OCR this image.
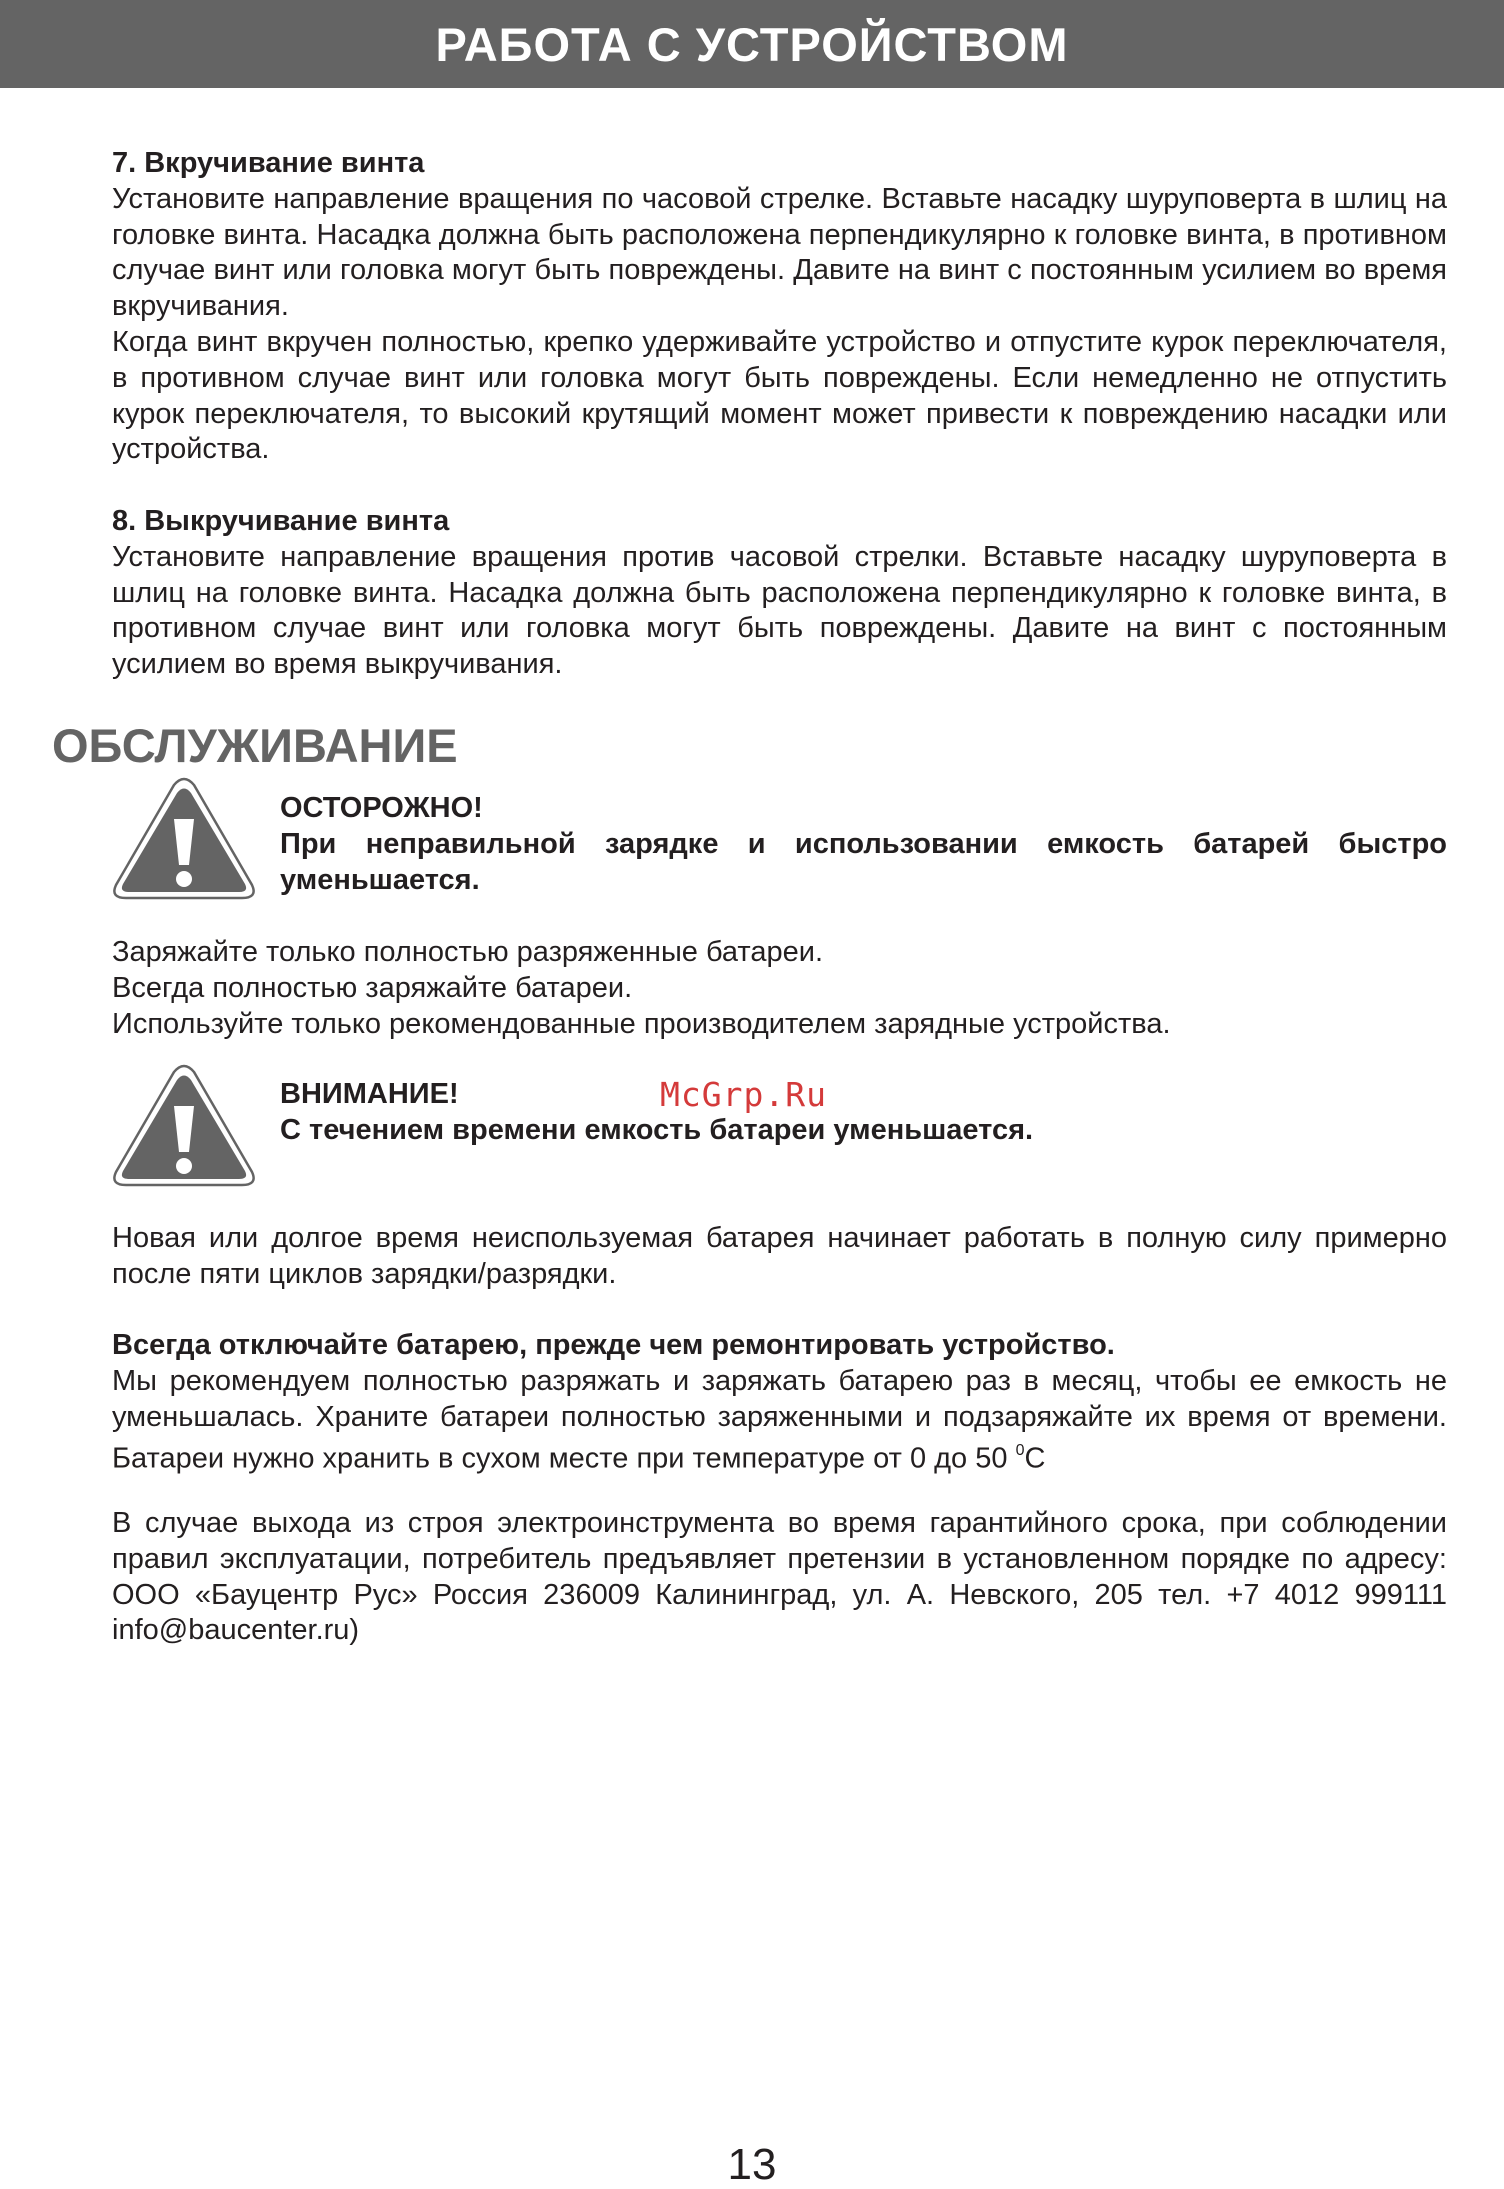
РАБОТА С УСТРОЙСТВОМ
7. Вкручивание винта
Установите направление вращения по часовой стрелке. Вставьте насадку шуруповерта в шлиц на головке винта. Насадка должна быть расположена перпендикулярно к головке винта, в противном случае винт или головка могут быть повреждены. Давите на винт с постоянным усилием во время вкручивания.
Когда винт вкручен полностью, крепко удерживайте устройство и отпустите курок переключателя, в противном случае винт или головка могут быть повреждены. Если немедленно не отпустить курок переключателя, то высокий крутящий момент может привести к повреждению насадки или устройства.
8. Выкручивание винта
Установите направление вращения против часовой стрелки. Вставьте насадку шуруповерта в шлиц на головке винта. Насадка должна быть расположена перпендикулярно к головке винта, в противном случае винт или головка могут быть повреждены. Давите на винт с постоянным усилием во время выкручивания.
ОБСЛУЖИВАНИЕ
ОСТОРОЖНО!
При неправильной зарядке и использовании емкость батарей быстро уменьшается.
Заряжайте только полностью разряженные батареи.
Всегда полностью заряжайте батареи.
Используйте только рекомендованные производителем зарядные устройства.
ВНИМАНИЕ!
С течением времени емкость батареи уменьшается.
McGrp.Ru
Новая или долгое время неиспользуемая батарея начинает работать в полную силу примерно после пяти циклов зарядки/разрядки.
Всегда отключайте батарею, прежде чем ремонтировать устройство.
Мы рекомендуем полностью разряжать и заряжать батарею раз в месяц, чтобы ее емкость не уменьшалась. Храните батареи полностью заряженными и подзаряжайте их время от времени. Батареи нужно хранить в сухом месте при температуре от 0 до 50 $^0$С
В случае выхода из строя электроинструмента во время гарантийного срока, при соблюдении правил эксплуатации, потребитель предъявляет претензии в установленном порядке по адресу: ООО «Бауцентр Рус» Россия 236009 Калининград, ул. А. Невского, 205 тел. +7 4012 999111 info@baucenter.ru)
13
